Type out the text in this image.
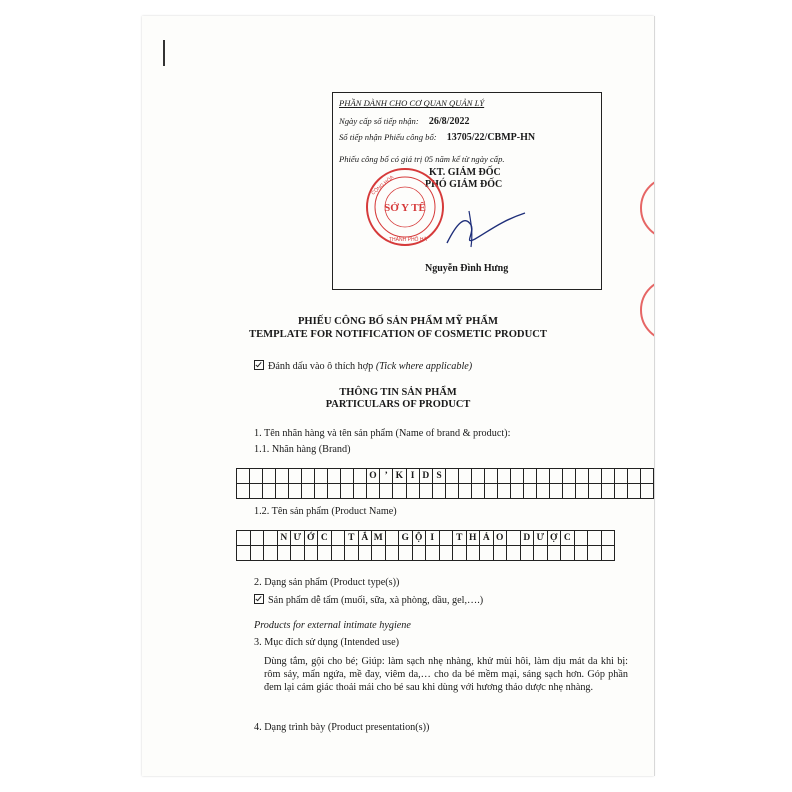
PHẦN DÀNH CHO CƠ QUAN QUẢN LÝ
Ngày cấp số tiếp nhận: 26/8/2022
Số tiếp nhận Phiếu công bố: 13705/22/CBMP-HN
Phiếu công bố có giá trị 05 năm kể từ ngày cấp.
KT. GIÁM ĐỐC
PHÓ GIÁM ĐỐC
SỞ Y TẾ
CỘNG HÒA
THÀNH PHỐ HÀ
Nguyễn Đình Hưng
PHIẾU CÔNG BỐ SẢN PHẨM MỸ PHẨM
TEMPLATE FOR NOTIFICATION OF COSMETIC PRODUCT
Đánh dấu vào ô thích hợp (Tick where applicable)
THÔNG TIN SẢN PHẨM
PARTICULARS OF PRODUCT
1. Tên nhãn hàng và tên sản phẩm (Name of brand & product):
1.1. Nhãn hàng (Brand)
										O	’	K	I	D	S																

1.2. Tên sản phẩm (Product Name)
			N	Ư	Ớ	C		T	Ắ	M		G	Ộ	I		T	H	Ả	O		D	Ư	Ợ	C			

2. Dạng sản phẩm (Product type(s))
Sản phẩm dễ tẩm (muối, sữa, xà phòng, dầu, gel,….)
Products for external intimate hygiene
3. Mục đích sử dụng (Intended use)
Dùng tắm, gội cho bé; Giúp: làm sạch nhẹ nhàng, khử mùi hôi, làm dịu mát da khi bị: rôm sảy, mẩn ngứa, mề đay, viêm da,… cho da bé mềm mại, sáng sạch hơn. Góp phần đem lại cảm giác thoải mái cho bé sau khi dùng với hương thảo dược nhẹ nhàng.
4. Dạng trình bày (Product presentation(s))
